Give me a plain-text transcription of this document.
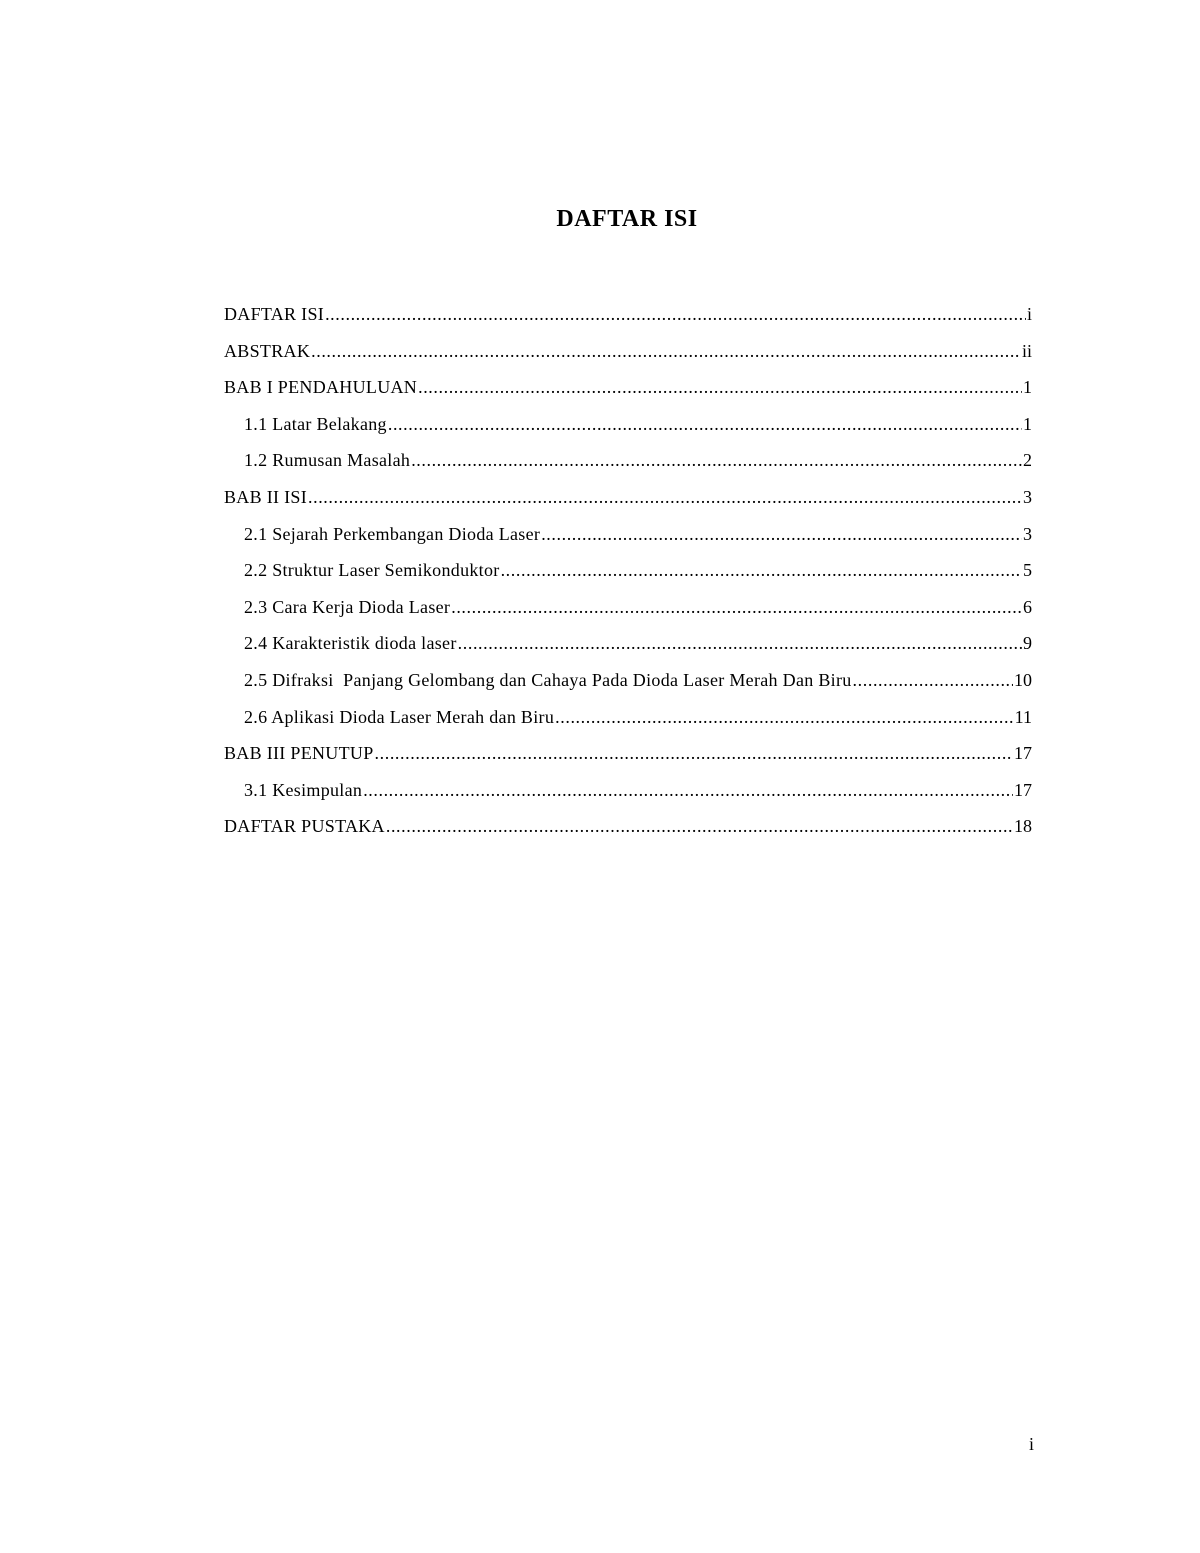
DAFTAR ISI
DAFTAR ISI .....	i
ABSTRAK .....	ii
BAB I PENDAHULUAN .....	1
1.1 Latar Belakang .....	1
1.2 Rumusan Masalah .....	2
BAB II ISI .....	3
2.1 Sejarah Perkembangan Dioda Laser .....	3
2.2 Struktur Laser Semikonduktor .....	5
2.3 Cara Kerja Dioda Laser .....	6
2.4 Karakteristik dioda laser .....	9
2.5 Difraksi  Panjang Gelombang dan Cahaya Pada Dioda Laser Merah Dan Biru .....	10
2.6 Aplikasi Dioda Laser Merah dan Biru .....	11
BAB III PENUTUP .....	17
3.1 Kesimpulan .....	17
DAFTAR PUSTAKA .....	18
i
